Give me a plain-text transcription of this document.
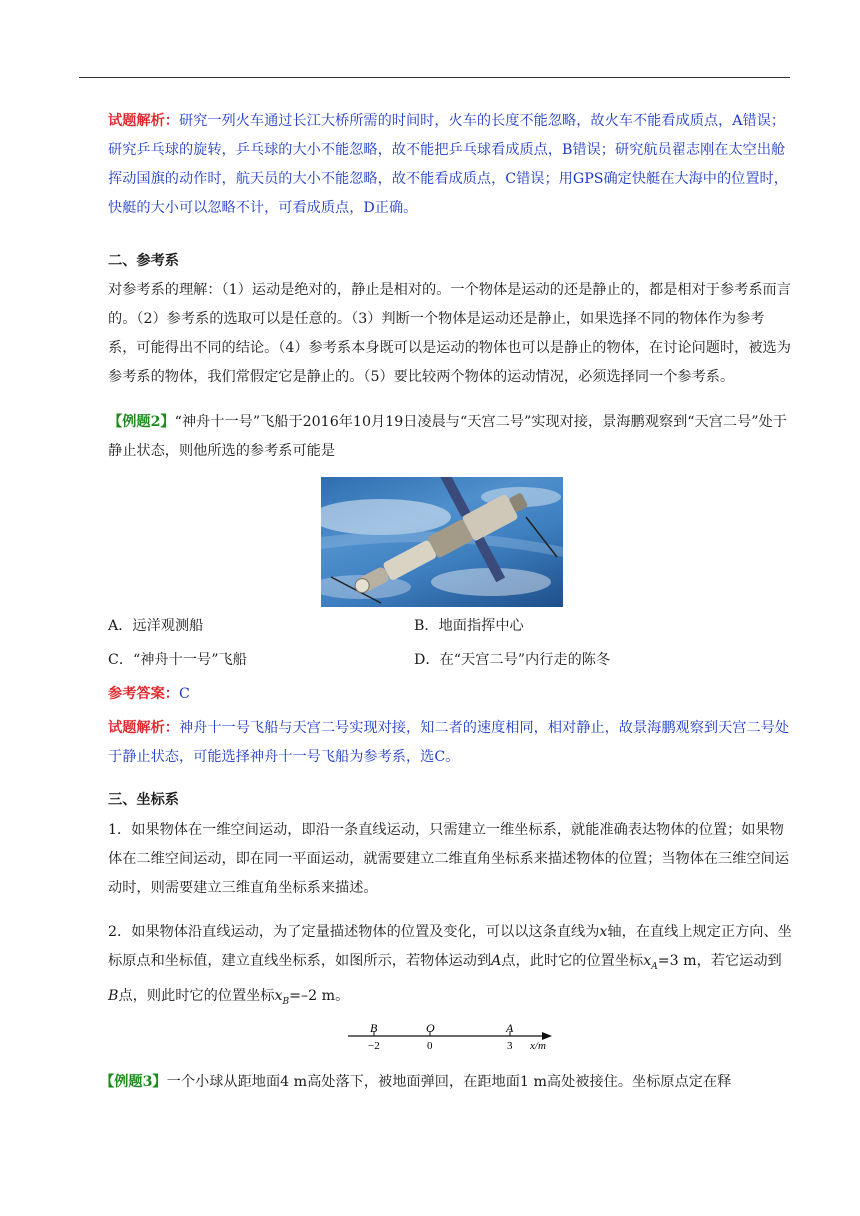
试题解析：研究一列火车通过长江大桥所需的时间时，火车的长度不能忽略，故火车不能看成质点，A错误；研究乒乓球的旋转，乒乓球的大小不能忽略，故不能把乒乓球看成质点，B错误；研究航员翟志刚在太空出舱挥动国旗的动作时，航天员的大小不能忽略，故不能看成质点，C错误；用GPS确定快艇在大海中的位置时，快艇的大小可以忽略不计，可看成质点，D正确。
二、参考系
对参考系的理解：（1）运动是绝对的，静止是相对的。一个物体是运动的还是静止的，都是相对于参考系而言的。（2）参考系的选取可以是任意的。（3）判断一个物体是运动还是静止，如果选择不同的物体作为参考系，可能得出不同的结论。（4）参考系本身既可以是运动的物体也可以是静止的物体，在讨论问题时，被选为参考系的物体，我们常假定它是静止的。（5）要比较两个物体的运动情况，必须选择同一个参考系。
【例题2】“神舟十一号”飞船于2016年10月19日凌晨与“天宫二号”实现对接，景海鹏观察到“天宫二号”处于静止状态，则他所选的参考系可能是
A．远洋观测船	B．地面指挥中心
C．“神舟十一号”飞船	D．在“天宫二号”内行走的陈冬
参考答案：C
试题解析：神舟十一号飞船与天宫二号实现对接，知二者的速度相同，相对静止，故景海鹏观察到天宫二号处于静止状态，可能选择神舟十一号飞船为参考系，选C。
三、坐标系
1．如果物体在一维空间运动，即沿一条直线运动，只需建立一维坐标系，就能准确表达物体的位置；如果物体在二维空间运动，即在同一平面运动，就需要建立二维直角坐标系来描述物体的位置；当物体在三维空间运动时，则需要建立三维直角坐标系来描述。
2．如果物体沿直线运动，为了定量描述物体的位置及变化，可以以这条直线为x轴，在直线上规定正方向、坐标原点和坐标值，建立直线坐标系，如图所示，若物体运动到A点，此时它的位置坐标$x_A=3$ m，若它运动到B点，则此时它的位置坐标$x_B=-2$ m。
B	O	A
−2	0	3 x/m
【例题3】一个小球从距地面4 m高处落下，被地面弹回，在距地面1 m高处被接住。坐标原点定在释
